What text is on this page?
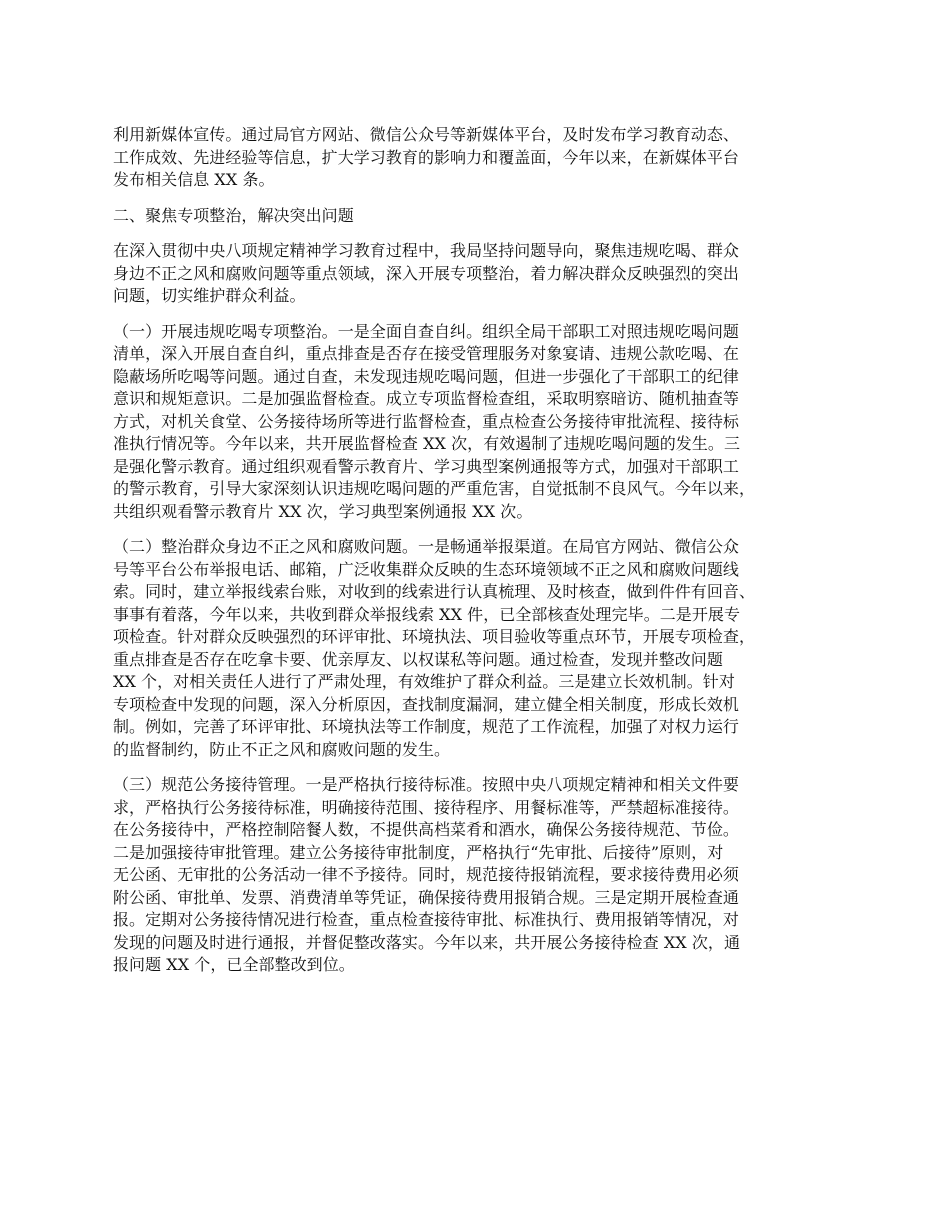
利用新媒体宣传。通过局官方网站、微信公众号等新媒体平台，及时发布学习教育动态、
工作成效、先进经验等信息，扩大学习教育的影响力和覆盖面，今年以来，在新媒体平台
发布相关信息 XX 条。
二、聚焦专项整治，解决突出问题
在深入贯彻中央八项规定精神学习教育过程中，我局坚持问题导向，聚焦违规吃喝、群众
身边不正之风和腐败问题等重点领域，深入开展专项整治，着力解决群众反映强烈的突出
问题，切实维护群众利益。
（一）开展违规吃喝专项整治。一是全面自查自纠。组织全局干部职工对照违规吃喝问题
清单，深入开展自查自纠，重点排查是否存在接受管理服务对象宴请、违规公款吃喝、在
隐蔽场所吃喝等问题。通过自查，未发现违规吃喝问题，但进一步强化了干部职工的纪律
意识和规矩意识。二是加强监督检查。成立专项监督检查组，采取明察暗访、随机抽查等
方式，对机关食堂、公务接待场所等进行监督检查，重点检查公务接待审批流程、接待标
准执行情况等。今年以来，共开展监督检查 XX 次，有效遏制了违规吃喝问题的发生。三
是强化警示教育。通过组织观看警示教育片、学习典型案例通报等方式，加强对干部职工
的警示教育，引导大家深刻认识违规吃喝问题的严重危害，自觉抵制不良风气。今年以来，
共组织观看警示教育片 XX 次，学习典型案例通报 XX 次。
（二）整治群众身边不正之风和腐败问题。一是畅通举报渠道。在局官方网站、微信公众
号等平台公布举报电话、邮箱，广泛收集群众反映的生态环境领域不正之风和腐败问题线
索。同时，建立举报线索台账，对收到的线索进行认真梳理、及时核查，做到件件有回音、
事事有着落，今年以来，共收到群众举报线索 XX 件，已全部核查处理完毕。二是开展专
项检查。针对群众反映强烈的环评审批、环境执法、项目验收等重点环节，开展专项检查，
重点排查是否存在吃拿卡要、优亲厚友、以权谋私等问题。通过检查，发现并整改问题
XX 个，对相关责任人进行了严肃处理，有效维护了群众利益。三是建立长效机制。针对
专项检查中发现的问题，深入分析原因，查找制度漏洞，建立健全相关制度，形成长效机
制。例如，完善了环评审批、环境执法等工作制度，规范了工作流程，加强了对权力运行
的监督制约，防止不正之风和腐败问题的发生。
（三）规范公务接待管理。一是严格执行接待标准。按照中央八项规定精神和相关文件要
求，严格执行公务接待标准，明确接待范围、接待程序、用餐标准等，严禁超标准接待。
在公务接待中，严格控制陪餐人数，不提供高档菜肴和酒水，确保公务接待规范、节俭。
二是加强接待审批管理。建立公务接待审批制度，严格执行“先审批、后接待”原则，对
无公函、无审批的公务活动一律不予接待。同时，规范接待报销流程，要求接待费用必须
附公函、审批单、发票、消费清单等凭证，确保接待费用报销合规。三是定期开展检查通
报。定期对公务接待情况进行检查，重点检查接待审批、标准执行、费用报销等情况，对
发现的问题及时进行通报，并督促整改落实。今年以来，共开展公务接待检查 XX 次，通
报问题 XX 个，已全部整改到位。
